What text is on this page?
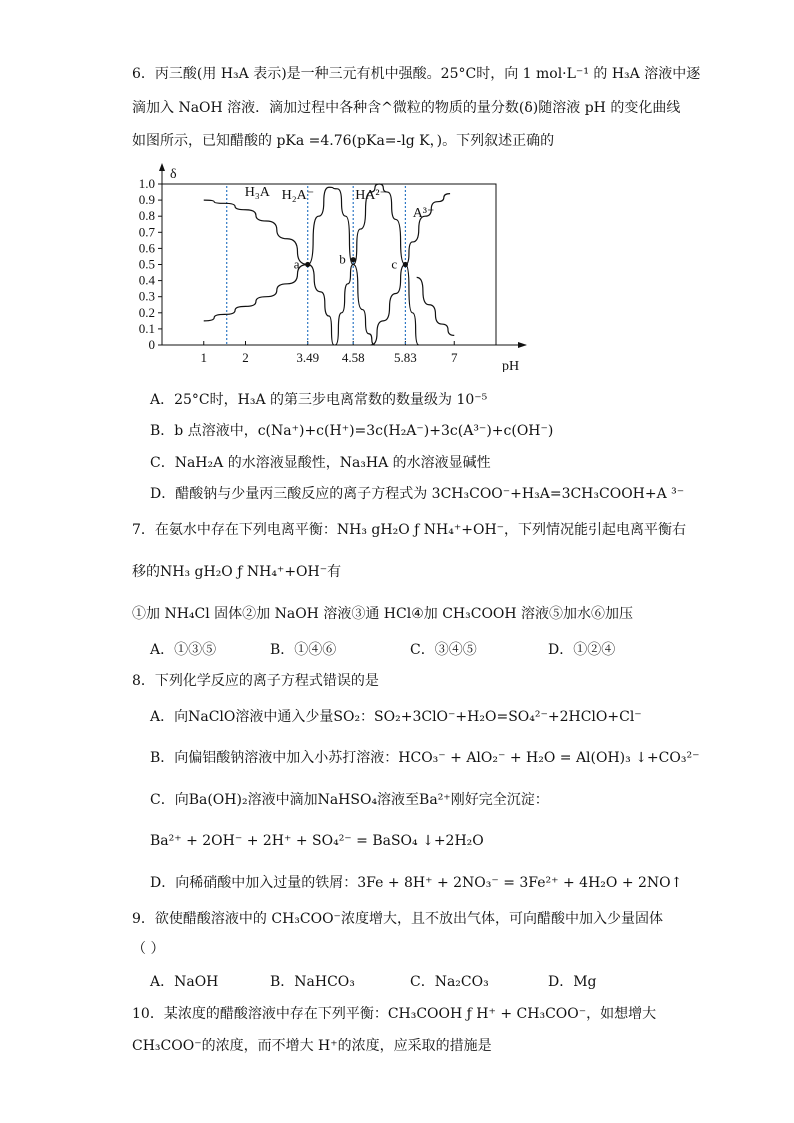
6．丙三酸(用 H₃A 表示)是一种三元有机中强酸。25°C时，向 1 mol·L⁻¹ 的 H₃A 溶液中逐
滴加入 NaOH 溶液．滴加过程中各种含^微粒的物质的量分数(δ)随溶液 pH 的变化曲线
如图所示，已知醋酸的 pKa =4.76(pKa=-lg K，)。下列叙述正确的
0
0.1
0.2
0.3
0.4
0.5
0.6
0.7
0.8
0.9
1.0
1	2	3.49 4.58 5.83	7
a	b	c
H₃A H₂A⁻	HA²⁻
A³⁻
δ
pH
A．25°C时，H₃A 的第三步电离常数的数量级为 10⁻⁵
B．b 点溶液中，c(Na⁺)+c(H⁺)=3c(H₂A⁻)+3c(A³⁻)+c(OH⁻)
C．NaH₂A 的水溶液显酸性，Na₃HA 的水溶液显碱性
D．醋酸钠与少量丙三酸反应的离子方程式为 3CH₃COO⁻+H₃A=3CH₃COOH+A ³⁻
7．在氨水中存在下列电离平衡：NH₃ gH₂O ƒ NH₄⁺+OH⁻，下列情况能引起电离平衡右
移的NH₃ gH₂O ƒ NH₄⁺+OH⁻有
①加 NH₄Cl 固体②加 NaOH 溶液③通 HCl④加 CH₃COOH 溶液⑤加水⑥加压
A．①③⑤	B．①④⑥	C．③④⑤	D．①②④
8．下列化学反应的离子方程式错误的是
A．向NaClO溶液中通入少量SO₂：SO₂+3ClO⁻+H₂O=SO₄²⁻+2HClO+Cl⁻
B．向偏铝酸钠溶液中加入小苏打溶液：HCO₃⁻ + AlO₂⁻ + H₂O = Al(OH)₃ ↓+CO₃²⁻
C．向Ba(OH)₂溶液中滴加NaHSO₄溶液至Ba²⁺刚好完全沉淀：
Ba²⁺ + 2OH⁻ + 2H⁺ + SO₄²⁻ = BaSO₄ ↓+2H₂O
D．向稀硝酸中加入过量的铁屑：3Fe + 8H⁺ + 2NO₃⁻ = 3Fe²⁺ + 4H₂O + 2NO↑
9．欲使醋酸溶液中的 CH₃COO⁻浓度增大，且不放出气体，可向醋酸中加入少量固体
（ ）
A．NaOH	B．NaHCO₃	C．Na₂CO₃	D．Mg
10．某浓度的醋酸溶液中存在下列平衡：CH₃COOH ƒ H⁺ + CH₃COO⁻，如想增大
CH₃COO⁻的浓度，而不增大 H⁺的浓度，应采取的措施是
